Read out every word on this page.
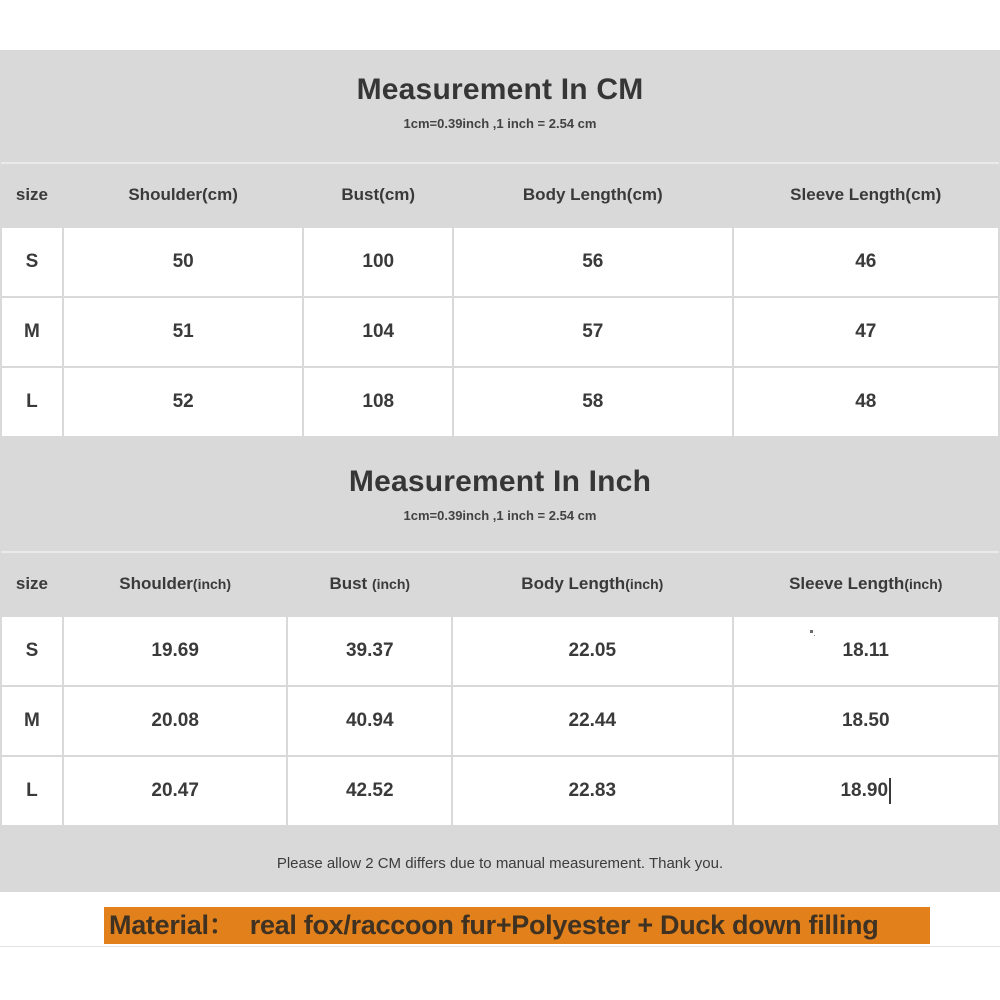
Measurement In CM

1cm=0.39inch ,1 inch = 2.54 cm

size	Shoulder(cm)	Bust(cm)	Body Length(cm)	Sleeve Length(cm)
S	50	100	56	46
M	51	104	57	47
L	52	108	58	48
Measurement In Inch

1cm=0.39inch ,1 inch = 2.54 cm

size	Shoulder(inch)	Bust (inch)	Body Length(inch)	Sleeve Length(inch)
S	19.69	39.37	22.05	18.11
M	20.08	40.94	22.44	18.50
L	20.47	42.52	22.83	18.90

Please allow 2 CM differs due to manual measurement. Thank you.

Material：  real fox/raccoon fur+Polyester + Duck down filling
